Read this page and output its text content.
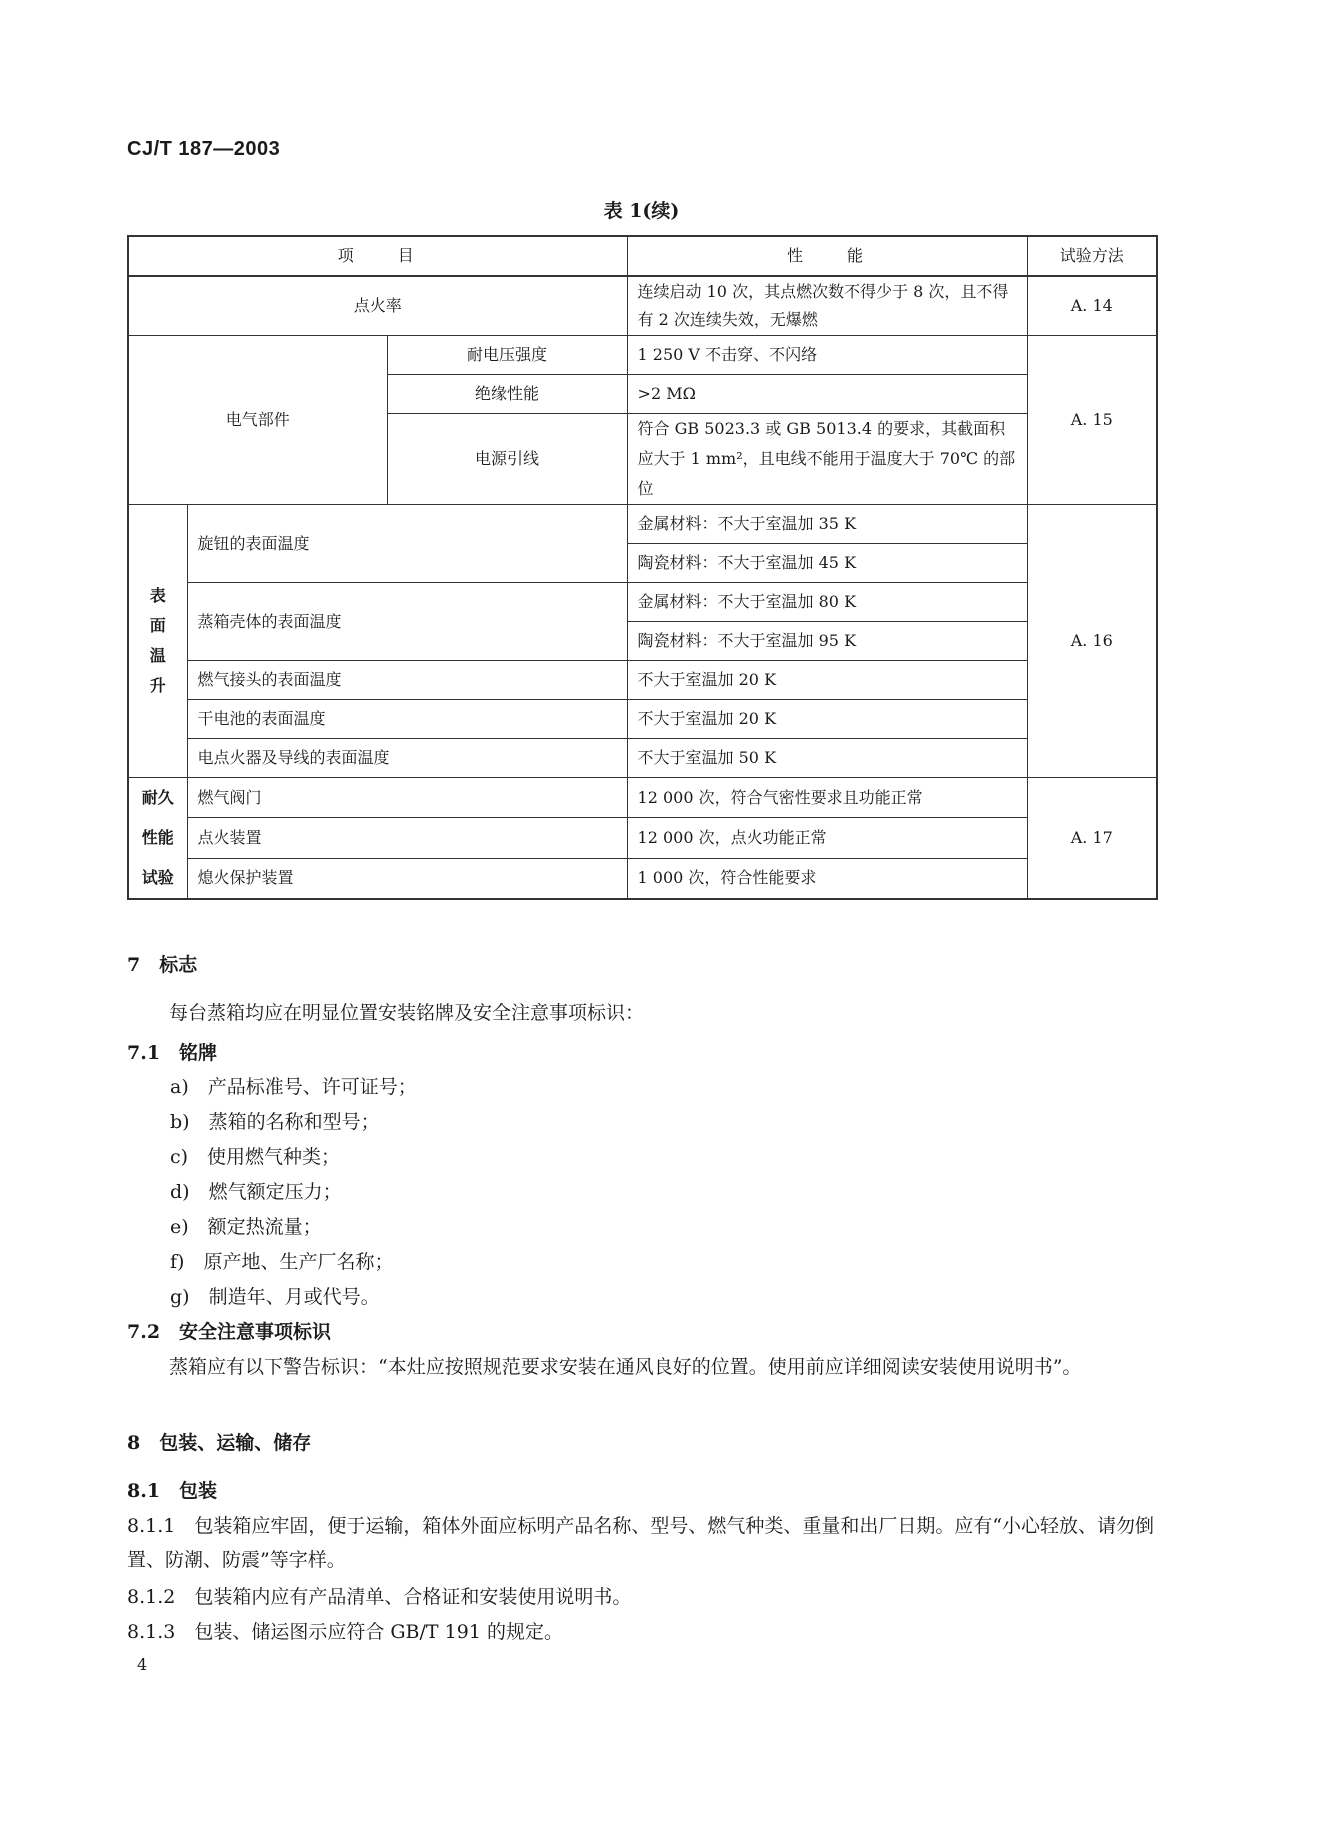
CJ/T 187—2003
表 1(续)
项　　目			性　　能	试验方法
点火率			连续启动 10 次，其点燃次数不得少于 8 次，且不得有 2 次连续失效，无爆燃	A. 14
电气部件		耐电压强度	1 250 V 不击穿、不闪络	A. 15
		绝缘性能	>2 MΩ	
		电源引线	符合 GB 5023.3 或 GB 5013.4 的要求，其截面积应大于 1 mm²，且电线不能用于温度大于 70℃ 的部位	
表面温升	旋钮的表面温度		金属材料：不大于室温加 35 K	A. 16
			陶瓷材料：不大于室温加 45 K	
	蒸箱壳体的表面温度		金属材料：不大于室温加 80 K	
			陶瓷材料：不大于室温加 95 K	
	燃气接头的表面温度		不大于室温加 20 K	
	干电池的表面温度		不大于室温加 20 K	
	电点火器及导线的表面温度		不大于室温加 50 K	
耐久性能试验	燃气阀门		12 000 次，符合气密性要求且功能正常	A. 17
	点火装置		12 000 次，点火功能正常	
	熄火保护装置		1 000 次，符合性能要求	
7　标志
每台蒸箱均应在明显位置安装铭牌及安全注意事项标识：
7.1　铭牌
a)　产品标准号、许可证号；
b)　蒸箱的名称和型号；
c)　使用燃气种类；
d)　燃气额定压力；
e)　额定热流量；
f)　原产地、生产厂名称；
g)　制造年、月或代号。
7.2　安全注意事项标识
蒸箱应有以下警告标识：“本灶应按照规范要求安装在通风良好的位置。使用前应详细阅读安装使用说明书”。
8　包装、运输、储存
8.1　包装
8.1.1　包装箱应牢固，便于运输，箱体外面应标明产品名称、型号、燃气种类、重量和出厂日期。应有“小心轻放、请勿倒置、防潮、防震”等字样。
8.1.2　包装箱内应有产品清单、合格证和安装使用说明书。
8.1.3　包装、储运图示应符合 GB/T 191 的规定。
4
